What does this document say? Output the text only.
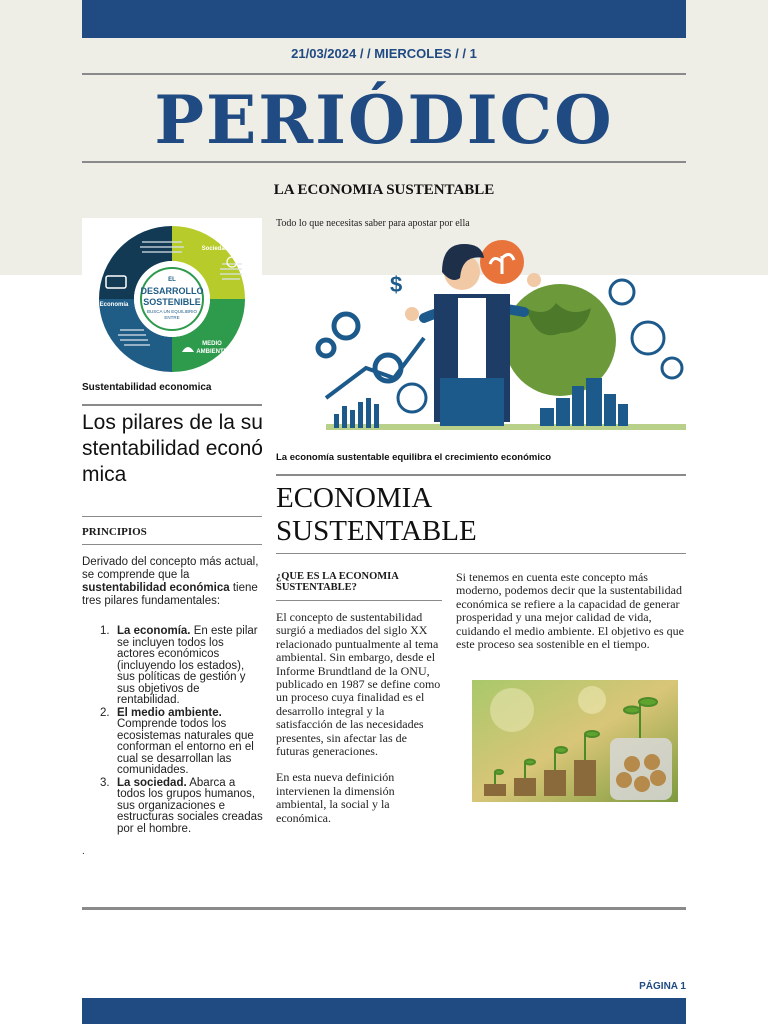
21/03/2024 / / MIERCOLES / / 1
PERIÓDICO
LA ECONOMIA SUSTENTABLE
EL
DESARROLLO
SOSTENIBLE
BUSCA UN EQUILIBRIO
ENTRE
Sociedad
Economía
MEDIO
AMBIENTE
Sustentabilidad economica
Todo lo que necesitas saber para apostar por ella
$
La economía sustentable equilibra el crecimiento económico
Los pilares de la sustentabilidad económica
PRINCIPIOS
Derivado del concepto más actual, se comprende que la sustentabilidad económica tiene tres pilares fundamentales:
1. La economía. En este pilar se incluyen todos los actores económicos (incluyendo los estados), sus políticas de gestión y sus objetivos de rentabilidad.
2. El medio ambiente. Comprende todos los ecosistemas naturales que conforman el entorno en el cual se desarrollan las comunidades.
3. La sociedad. Abarca a todos los grupos humanos, sus organizaciones e estructuras sociales creadas por el hombre.
.
ECONOMIA SUSTENTABLE
¿QUE ES LA ECONOMIA SUSTENTABLE?

El concepto de sustentabilidad surgió a mediados del siglo XX relacionado puntualmente al tema ambiental. Sin embargo, desde el Informe Brundtland de la ONU, publicado en 1987 se define como un proceso cuya finalidad es el desarrollo integral y la satisfacción de las necesidades presentes, sin afectar las de futuras generaciones.

En esta nueva definición intervienen la dimensión ambiental, la social y la económica.

Si tenemos en cuenta este concepto más moderno, podemos decir que la sustentabilidad económica se refiere a la capacidad de generar prosperidad y una mejor calidad de vida, cuidando el medio ambiente. El objetivo es que este proceso sea sostenible en el tiempo.

PÁGINA 1
